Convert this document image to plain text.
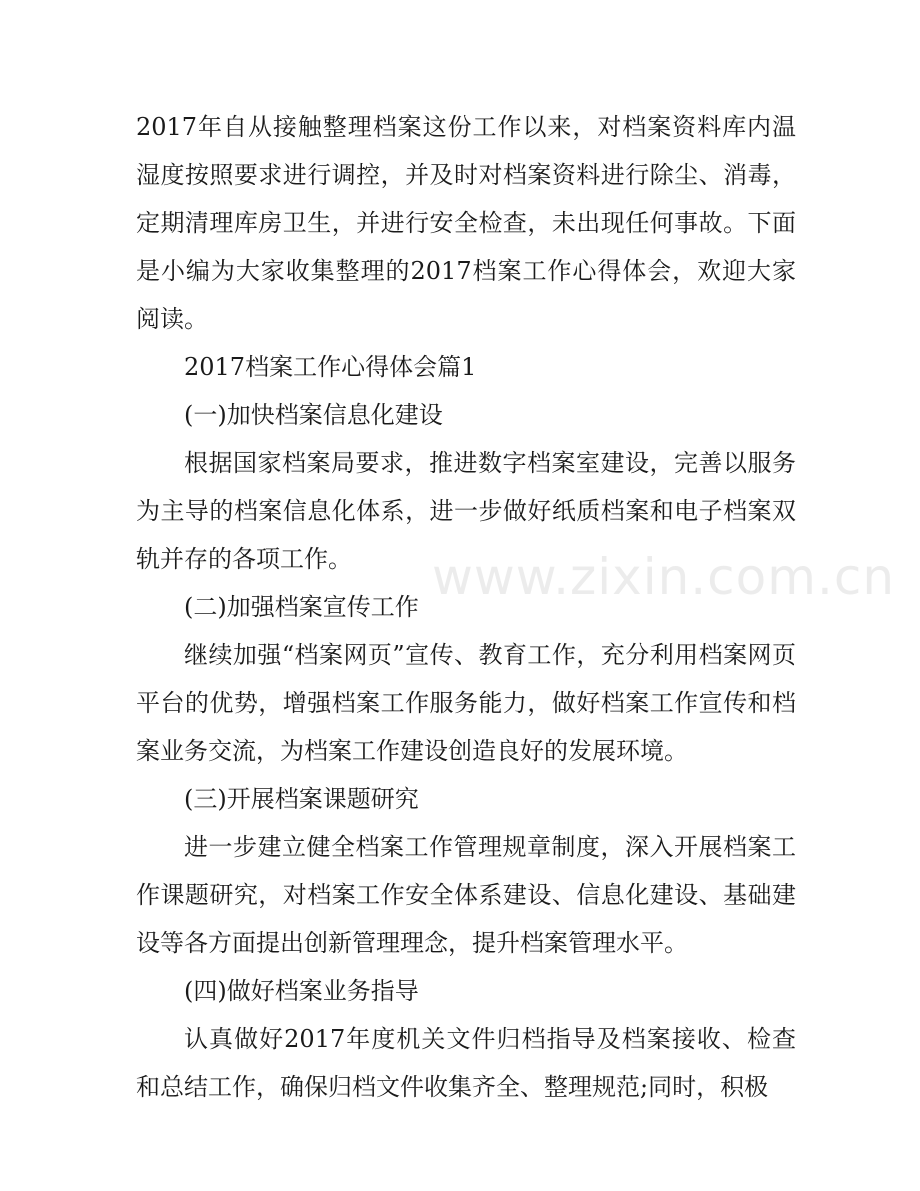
2017年自从接触整理档案这份工作以来，对档案资料库内温湿度按照要求进行调控，并及时对档案资料进行除尘、消毒，定期清理库房卫生，并进行安全检查，未出现任何事故。下面是小编为大家收集整理的2017档案工作心得体会，欢迎大家阅读。

2017档案工作心得体会篇1

(一)加快档案信息化建设

根据国家档案局要求，推进数字档案室建设，完善以服务为主导的档案信息化体系，进一步做好纸质档案和电子档案双轨并存的各项工作。

(二)加强档案宣传工作

继续加强“档案网页”宣传、教育工作，充分利用档案网页平台的优势，增强档案工作服务能力，做好档案工作宣传和档案业务交流，为档案工作建设创造良好的发展环境。

(三)开展档案课题研究

进一步建立健全档案工作管理规章制度，深入开展档案工作课题研究，对档案工作安全体系建设、信息化建设、基础建设等各方面提出创新管理理念，提升档案管理水平。

(四)做好档案业务指导

认真做好2017年度机关文件归档指导及档案接收、检查和总结工作，确保归档文件收集齐全、整理规范;同时，积极

www.zixin.com.cn
